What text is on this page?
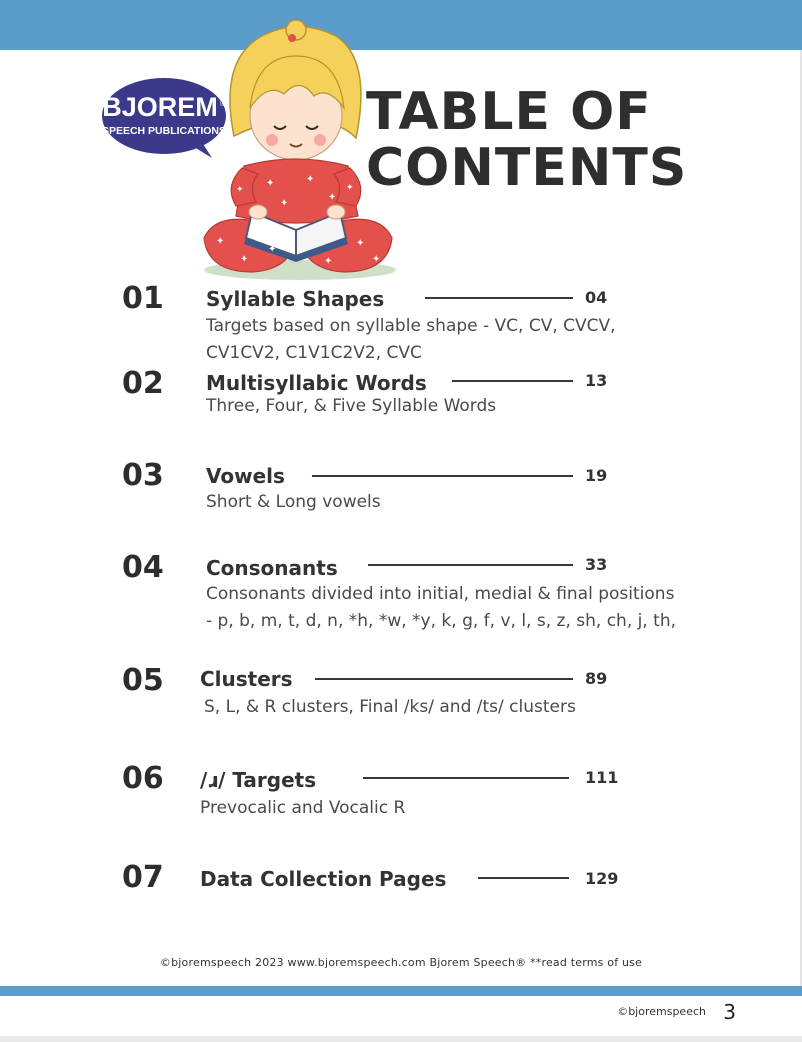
BJOREM ®
SPEECH PUBLICATIONS
✦	✦
✦
✦
✦
✦
✦
✦
✦	✦
✦	✦
TABLE OF
CONTENTS
01 Syllable Shapes	04
Targets based on syllable shape - VC, CV, CVCV, CV1CV2, C1V1C2V2, CVC
02 Multisyllabic Words	13
Three, Four, & Five Syllable Words
03 Vowels	19
Short & Long vowels
04 Consonants	33
Consonants divided into initial, medial & final positions - p, b, m, t, d, n, *h, *w, *y, k, g, f, v, l, s, z, sh, ch, j, th,
05 Clusters	89
S, L, & R clusters, Final /ks/ and /ts/ clusters
06 /ɹ/ Targets	111
Prevocalic and Vocalic R
07 Data Collection Pages	129
©bjoremspeech 2023 www.bjoremspeech.com Bjorem Speech® **read terms of use
©bjoremspeech 3
